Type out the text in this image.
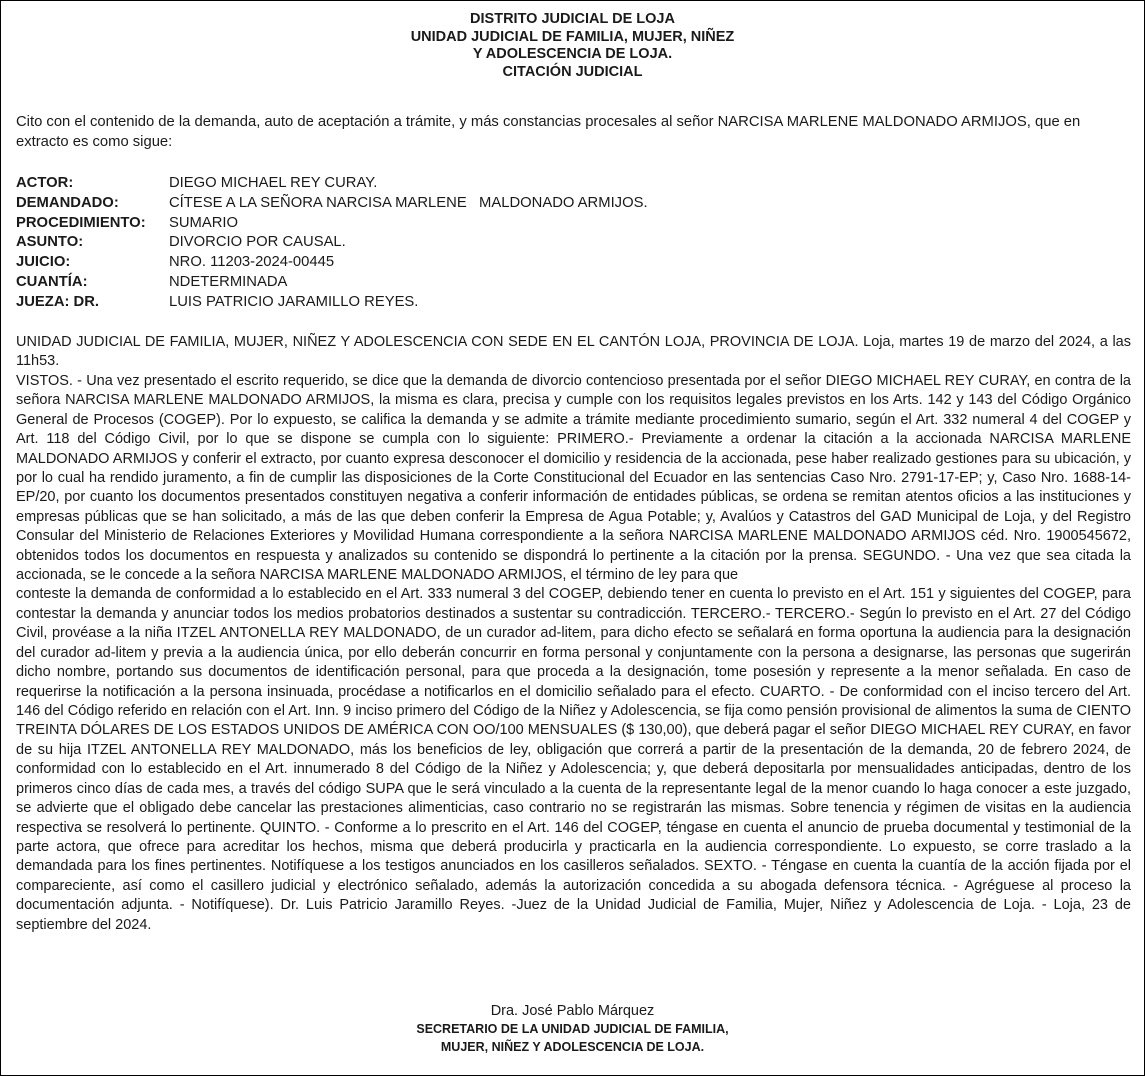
DISTRITO JUDICIAL DE LOJA
UNIDAD JUDICIAL DE FAMILIA, MUJER, NIÑEZ
Y ADOLESCENCIA DE LOJA.
CITACIÓN JUDICIAL
Cito con el contenido de la demanda, auto de aceptación a trámite, y más constancias procesales al señor NARCISA MARLENE MALDONADO ARMIJOS, que en extracto es como sigue:
ACTOR:	DIEGO MICHAEL REY CURAY.
DEMANDADO:	CÍTESE A LA SEÑORA NARCISA MARLENE   MALDONADO ARMIJOS.
PROCEDIMIENTO:	SUMARIO
ASUNTO:	DIVORCIO POR CAUSAL.
JUICIO:	NRO. 11203-2024-00445
CUANTÍA:	NDETERMINADA
JUEZA: DR.	LUIS PATRICIO JARAMILLO REYES.

UNIDAD JUDICIAL DE FAMILIA, MUJER, NIÑEZ Y ADOLESCENCIA CON SEDE EN EL CANTÓN LOJA, PROVINCIA DE LOJA. Loja, martes 19 de marzo del 2024, a las 11h53.

VISTOS. - Una vez presentado el escrito requerido, se dice que la demanda de divorcio contencioso presentada por el señor DIEGO MICHAEL REY CURAY, en contra de la señora NARCISA MARLENE MALDONADO ARMIJOS, la misma es clara, precisa y cumple con los requisitos legales previstos en los Arts. 142 y 143 del Código Orgánico General de Procesos (COGEP). Por lo expuesto, se califica la demanda y se admite a trámite mediante procedimiento sumario, según el Art. 332 numeral 4 del COGEP y Art. 118 del Código Civil, por lo que se dispone se cumpla con lo siguiente: PRIMERO.- Previamente a ordenar la citación a la accionada NARCISA MARLENE MALDONADO ARMIJOS y conferir el extracto, por cuanto expresa desconocer el domicilio y residencia de la accionada, pese haber realizado gestiones para su ubicación, y por lo cual ha rendido juramento, a fin de cumplir las disposiciones de la Corte Constitucional del Ecuador en las sentencias Caso Nro. 2791-17-EP; y, Caso Nro. 1688-14-EP/20, por cuanto los documentos presentados constituyen negativa a conferir información de entidades públicas, se ordena se remitan atentos oficios a las instituciones y empresas públicas que se han solicitado, a más de las que deben conferir la Empresa de Agua Potable; y, Avalúos y Catastros del GAD Municipal de Loja, y del Registro Consular del Ministerio de Relaciones Exteriores y Movilidad Humana correspondiente a la señora NARCISA MARLENE MALDONADO ARMIJOS céd. Nro. 1900545672, obtenidos todos los documentos en respuesta y analizados su contenido se dispondrá lo pertinente a la citación por la prensa. SEGUNDO. - Una vez que sea citada la accionada, se le concede a la señora NARCISA MARLENE MALDONADO ARMIJOS, el término de ley para que

conteste la demanda de conformidad a lo establecido en el Art. 333 numeral 3 del COGEP, debiendo tener en cuenta lo previsto en el Art. 151 y siguientes del COGEP, para contestar la demanda y anunciar todos los medios probatorios destinados a sustentar su contradicción. TERCERO.- TERCERO.- Según lo previsto en el Art. 27 del Código Civil, provéase a la niña ITZEL ANTONELLA REY MALDONADO, de un curador ad-litem, para dicho efecto se señalará en forma oportuna la audiencia para la designación del curador ad-litem y previa a la audiencia única, por ello deberán concurrir en forma personal y conjuntamente con la persona a designarse, las personas que sugerirán dicho nombre, portando sus documentos de identificación personal, para que proceda a la designación, tome posesión y represente a la menor señalada. En caso de requerirse la notificación a la persona insinuada, procédase a notificarlos en el domicilio señalado para el efecto. CUARTO. - De conformidad con el inciso tercero del Art. 146 del Código referido en relación con el Art. Inn. 9 inciso primero del Código de la Niñez y Adolescencia, se fija como pensión provisional de alimentos la suma de CIENTO TREINTA DÓLARES DE LOS ESTADOS UNIDOS DE AMÉRICA CON OO/100 MENSUALES ($ 130,00), que deberá pagar el señor DIEGO MICHAEL REY CURAY, en favor de su hija ITZEL ANTONELLA REY MALDONADO, más los beneficios de ley, obligación que correrá a partir de la presentación de la demanda, 20 de febrero 2024, de conformidad con lo establecido en el Art. innumerado 8 del Código de la Niñez y Adolescencia; y, que deberá depositarla por mensualidades anticipadas, dentro de los primeros cinco días de cada mes, a través del código SUPA que le será vinculado a la cuenta de la representante legal de la menor cuando lo haga conocer a este juzgado, se advierte que el obligado debe cancelar las prestaciones alimenticias, caso contrario no se registrarán las mismas. Sobre tenencia y régimen de visitas en la audiencia respectiva se resolverá lo pertinente. QUINTO. - Conforme a lo prescrito en el Art. 146 del COGEP, téngase en cuenta el anuncio de prueba documental y testimonial de la parte actora, que ofrece para acreditar los hechos, misma que deberá producirla y practicarla en la audiencia correspondiente. Lo expuesto, se corre traslado a la demandada para los fines pertinentes. Notifíquese a los testigos anunciados en los casilleros señalados. SEXTO. - Téngase en cuenta la cuantía de la acción fijada por el compareciente, así como el casillero judicial y electrónico señalado, además la autorización concedida a su abogada defensora técnica. - Agréguese al proceso la documentación adjunta. - Notifíquese). Dr. Luis Patricio Jaramillo Reyes. -Juez de la Unidad Judicial de Familia, Mujer, Niñez y Adolescencia de Loja. - Loja, 23 de septiembre del 2024.

Dra. José Pablo Márquez
SECRETARIO DE LA UNIDAD JUDICIAL DE FAMILIA,
MUJER, NIÑEZ Y ADOLESCENCIA DE LOJA.
